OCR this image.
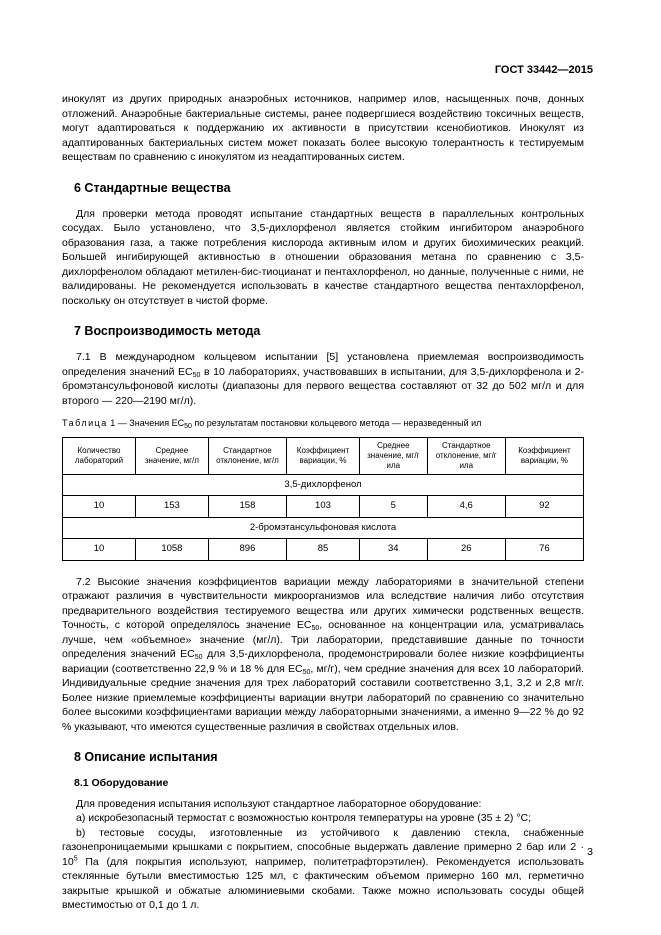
ГОСТ 33442—2015

инокулят из других природных анаэробных источников, например илов, насыщенных почв, донных отложений. Анаэробные бактериальные системы, ранее подвергшиеся воздействию токсичных веществ, могут адаптироваться к поддержанию их активности в присутствии ксенобиотиков. Инокулят из адаптированных бактериальных систем может показать более высокую толерантность к тестируемым веществам по сравнению с инокулятом из неадаптированных систем.

6 Стандартные вещества

Для проверки метода проводят испытание стандартных веществ в параллельных контрольных сосудах. Было установлено, что 3,5-дихлорфенол является стойким ингибитором анаэробного образования газа, а также потребления кислорода активным илом и других биохимических реакций. Большей ингибирующей активностью в отношении образования метана по сравнению с 3,5-дихлорфенолом обладают метилен-бис-тиоцианат и пентахлорфенол, но данные, полученные с ними, не валидированы. Не рекомендуется использовать в качестве стандартного вещества пентахлорфенол, поскольку он отсутствует в чистой форме.

7 Воспроизводимость метода

7.1 В международном кольцевом испытании [5] установлена приемлемая воспроизводимость определения значений $ЕС_{50}$ в 10 лабораториях, участвовавших в испытании, для 3,5-дихлорфенола и 2-бромэтансульфоновой кислоты (диапазоны для первого вещества составляют от 32 до 502 мг/л и для второго — 220—2190 мг/л).

Таблица 1 — Значения $ЕС_{50}$ по результатам постановки кольцевого метода — неразведенный ил
Количество лабораторий	Среднее значение, мг/л	Стандартное отклонение, мг/л	Коэффициент вариации, %	Среднее значение, мг/г ила	Стандартное отклонение, мг/г ила	Коэффициент вариации, %
3,5-дихлорфенол						
10	153	158	103	5	4,6	92
2-бромэтансульфоновая кислота						
10	1058	896	85	34	26	76

7.2 Высокие значения коэффициентов вариации между лабораториями в значительной степени отражают различия в чувствительности микроорганизмов ила вследствие наличия либо отсутствия предварительного воздействия тестируемого вещества или других химически родственных веществ. Точность, с которой определялось значение $ЕС_{50}$, основанное на концентрации ила, усматривалась лучше, чем «объемное» значение (мг/л). Три лаборатории, представившие данные по точности определения значений $ЕС_{50}$ для 3,5-дихлорфенола, продемонстрировали более низкие коэффициенты вариации (соответственно 22,9 % и 18 % для $ЕС_{50}$, мг/г), чем средние значения для всех 10 лабораторий. Индивидуальные средние значения для трех лабораторий составили соответственно 3,1, 3,2 и 2,8 мг/г. Более низкие приемлемые коэффициенты вариации внутри лабораторий по сравнению со значительно более высокими коэффициентами вариации между лабораторными значениями, а именно 9—22 % до 92 % указывают, что имеются существенные различия в свойствах отдельных илов.

8 Описание испытания
8.1 Оборудование

Для проведения испытания используют стандартное лабораторное оборудование:

а) искробезопасный термостат с возможностью контроля температуры на уровне (35 ± 2) °С;

b) тестовые сосуды, изготовленные из устойчивого к давлению стекла, снабженные газонепроницаемыми крышками с покрытием, способные выдержать давление примерно 2 бар или $2 \cdot 10^5$ Па (для покрытия используют, например, политетрафторэтилен). Рекомендуется использовать стеклянные бутыли вместимостью 125 мл, с фактическим объемом примерно 160 мл, герметично закрытые крышкой и обжатые алюминиевыми скобами. Также можно использовать сосуды общей вместимостью от 0,1 до 1 л.

3
